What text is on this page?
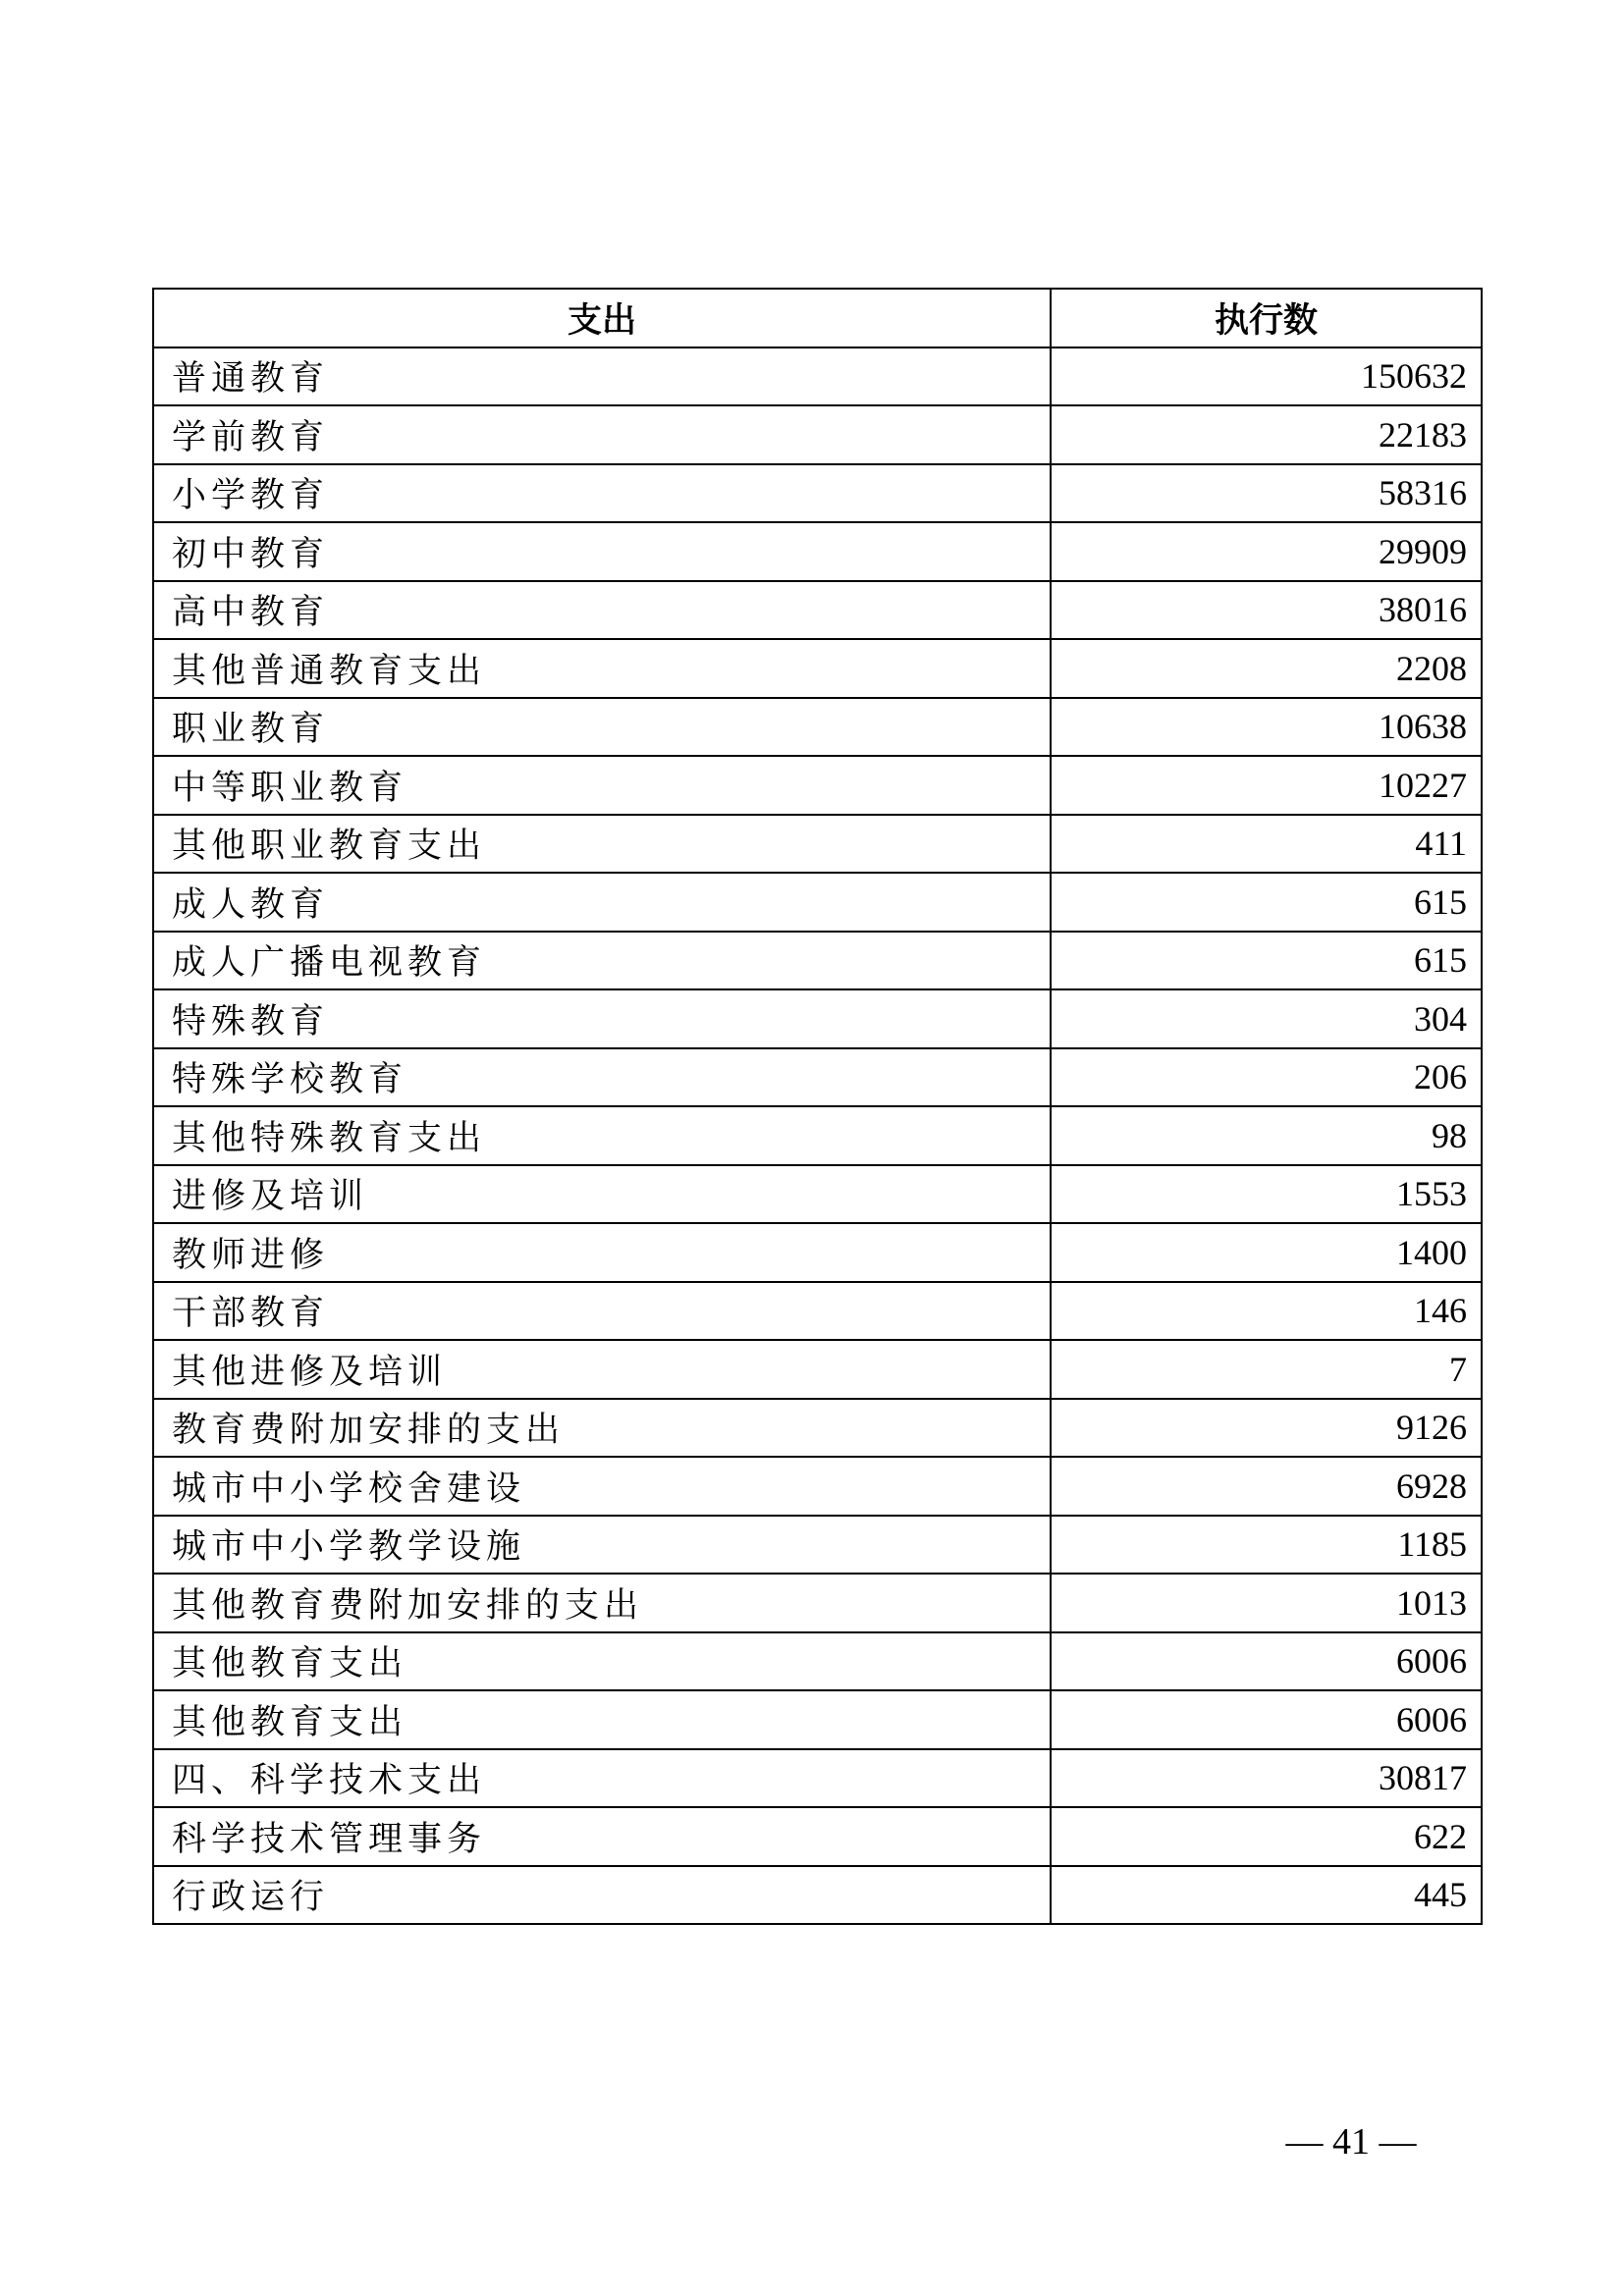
支出	执行数
普通教育	150632
学前教育	22183
小学教育	58316
初中教育	29909
高中教育	38016
其他普通教育支出	2208
职业教育	10638
中等职业教育	10227
其他职业教育支出	411
成人教育	615
成人广播电视教育	615
特殊教育	304
特殊学校教育	206
其他特殊教育支出	98
进修及培训	1553
教师进修	1400
干部教育	146
其他进修及培训	7
教育费附加安排的支出	9126
城市中小学校舍建设	6928
城市中小学教学设施	1185
其他教育费附加安排的支出	1013
其他教育支出	6006
其他教育支出	6006
四、科学技术支出	30817
科学技术管理事务	622
行政运行	445
— 41 —
